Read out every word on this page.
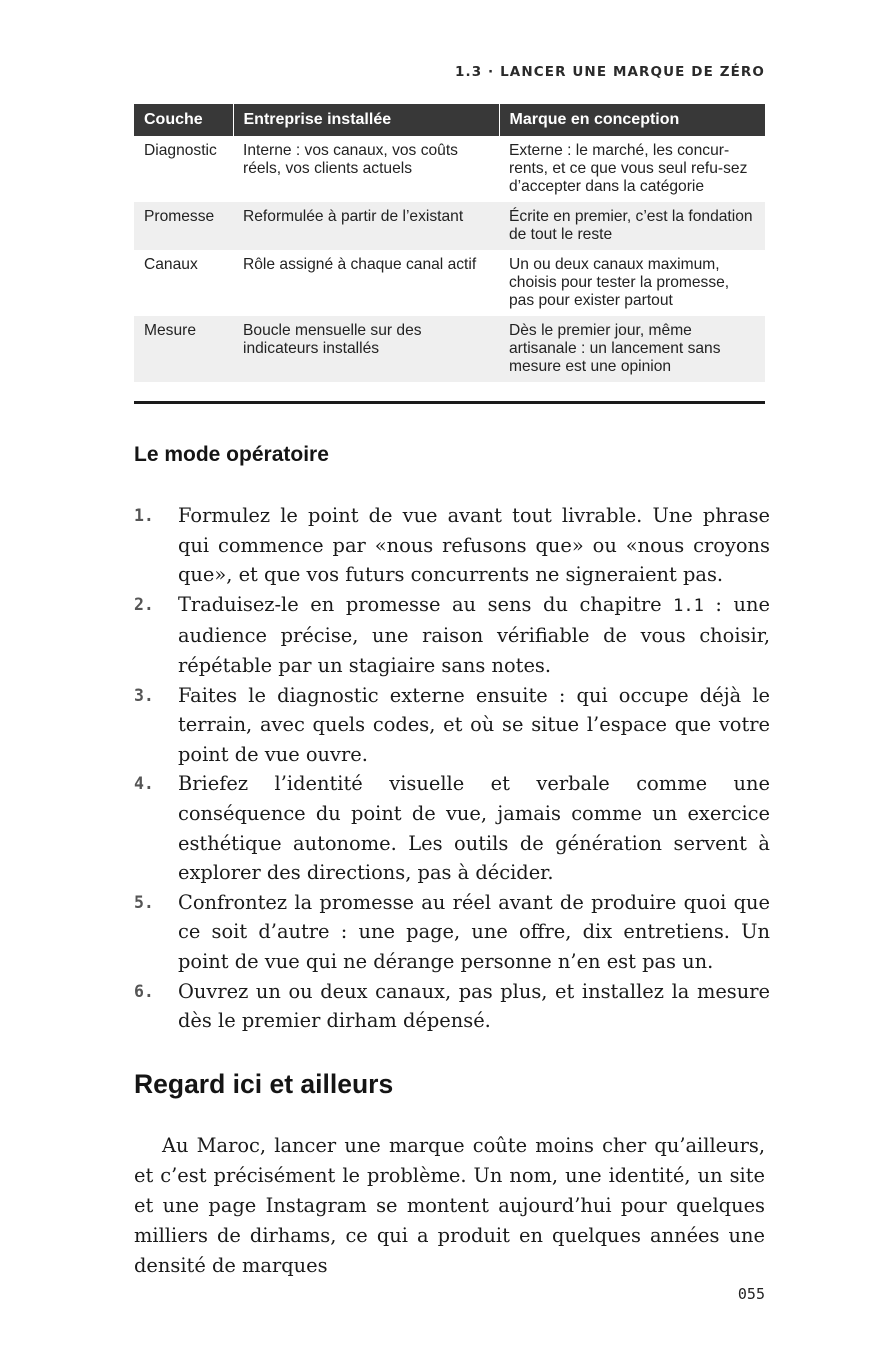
1.3 · LANCER UNE MARQUE DE ZÉRO
Couche	Entreprise installée	Marque en conception
Diagnostic	Interne : vos canaux, vos coûts réels, vos clients actuels	Externe : le marché, les concur-rents, et ce que vous seul refu-sez d’accepter dans la catégorie
Promesse	Reformulée à partir de l’existant	Écrite en premier, c’est la fondation de tout le reste
Canaux	Rôle assigné à chaque canal actif	Un ou deux canaux maximum, choisis pour tester la promesse, pas pour exister partout
Mesure	Boucle mensuelle sur des indicateurs installés	Dès le premier jour, même artisanale : un lancement sans mesure est une opinion
Le mode opératoire
1. Formulez le point de vue avant tout livrable. Une phrase qui commence par «nous refusons que» ou «nous croyons que», et que vos futurs concurrents ne signeraient pas.
2. Traduisez-le en promesse au sens du chapitre 1.1 : une audience précise, une raison vérifiable de vous choisir, répétable par un stagiaire sans notes.
3. Faites le diagnostic externe ensuite : qui occupe déjà le terrain, avec quels codes, et où se situe l’espace que votre point de vue ouvre.
4. Briefez l’identité visuelle et verbale comme une conséquence du point de vue, jamais comme un exercice esthétique autonome. Les outils de génération servent à explorer des directions, pas à décider.
5. Confrontez la promesse au réel avant de produire quoi que ce soit d’autre : une page, une offre, dix entretiens. Un point de vue qui ne dérange personne n’en est pas un.
6. Ouvrez un ou deux canaux, pas plus, et installez la mesure dès le premier dirham dépensé.
Regard ici et ailleurs

Au Maroc, lancer une marque coûte moins cher qu’ailleurs, et c’est précisément le problème. Un nom, une identité, un site et une page Instagram se montent aujourd’hui pour quelques milliers de dirhams, ce qui a produit en quelques années une densité de marques

055
